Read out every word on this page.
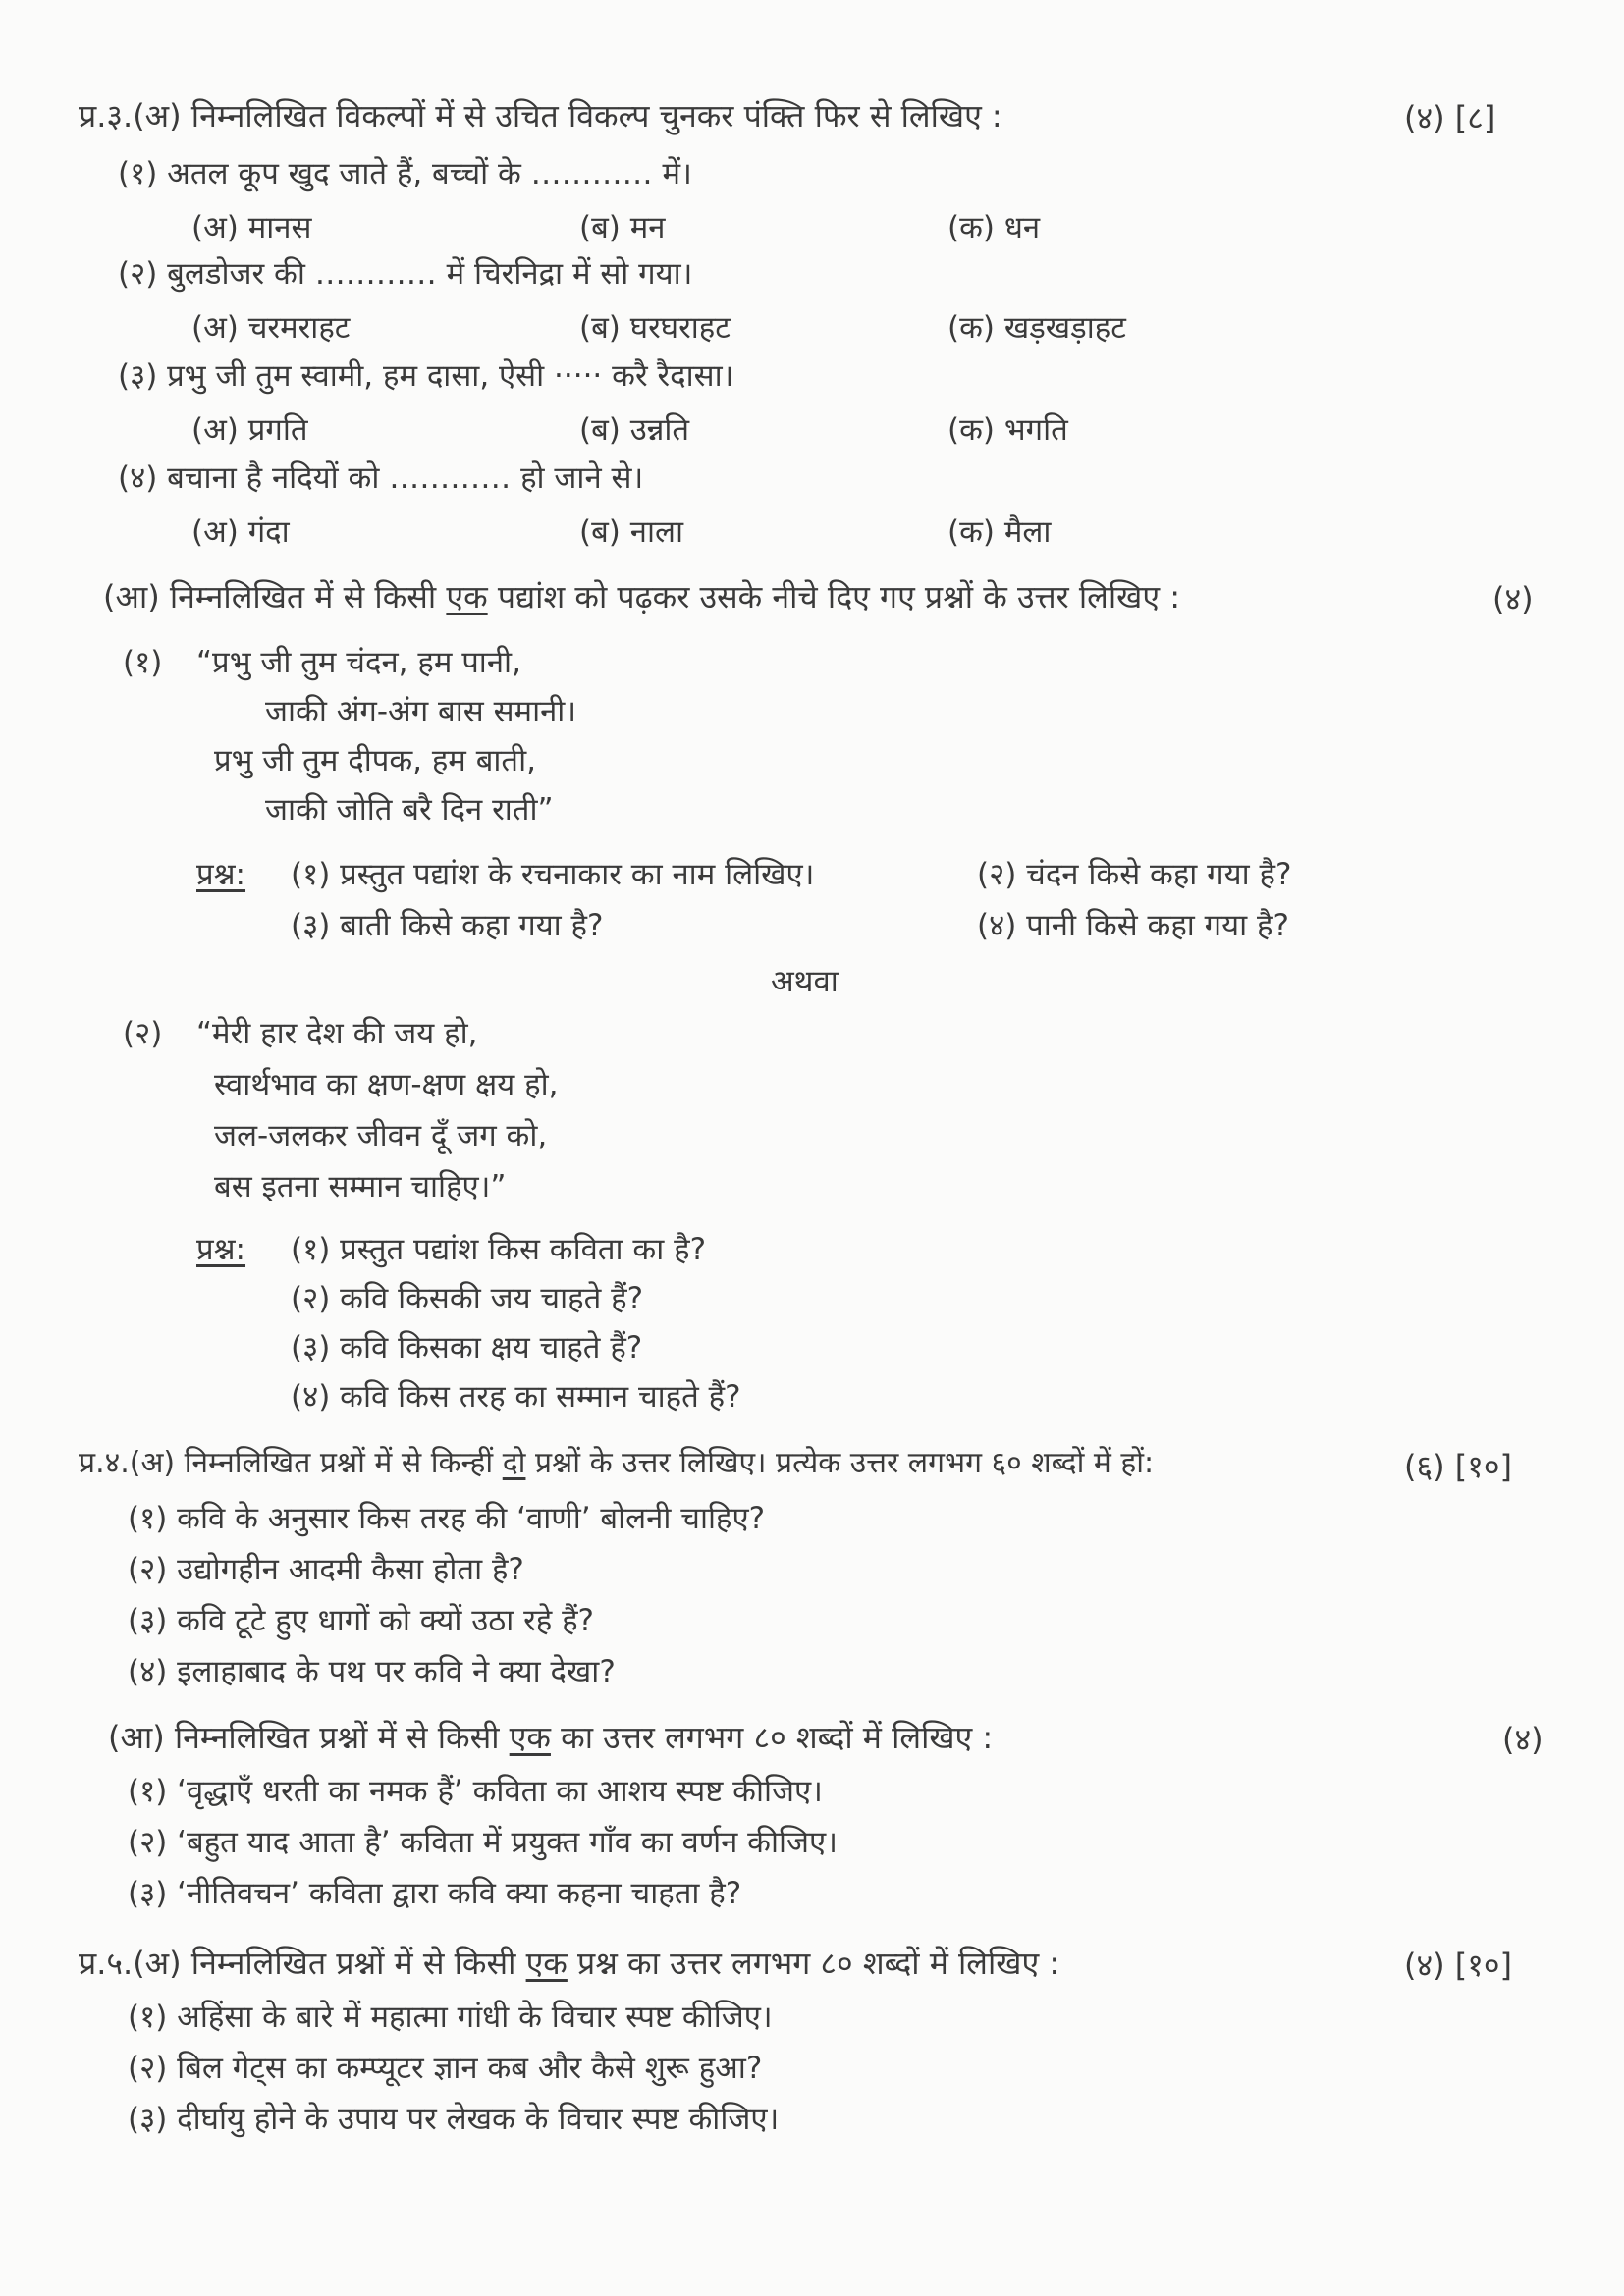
प्र.३.(अ) निम्नलिखित विकल्पों में से उचित विकल्प चुनकर पंक्ति फिर से लिखिए :	(४) [८]
(१) अतल कूप खुद जाते हैं, बच्चों के ………… में।
(अ) मानस	(ब) मन	(क) धन
(२) बुलडोजर की ………… में चिरनिद्रा में सो गया।
(अ) चरमराहट	(ब) घरघराहट	(क) खड़खड़ाहट
(३) प्रभु जी तुम स्वामी, हम दासा, ऐसी ····· करै रैदासा।
(अ) प्रगति	(ब) उन्नति	(क) भगति
(४) बचाना है नदियों को ………… हो जाने से।
(अ) गंदा	(ब) नाला	(क) मैला
(आ) निम्नलिखित में से किसी एक पद्यांश को पढ़कर उसके नीचे दिए गए प्रश्नों के उत्तर लिखिए :	(४)
(१) “प्रभु जी तुम चंदन, हम पानी,
जाकी अंग-अंग बास समानी।
प्रभु जी तुम दीपक, हम बाती,
जाकी जोति बरै दिन राती”
प्रश्न: (१) प्रस्तुत पद्यांश के रचनाकार का नाम लिखिए।	(२) चंदन किसे कहा गया है?
(३) बाती किसे कहा गया है?	(४) पानी किसे कहा गया है?
अथवा
(२) “मेरी हार देश की जय हो,
स्वार्थभाव का क्षण-क्षण क्षय हो,
जल-जलकर जीवन दूँ जग को,
बस इतना सम्मान चाहिए।”
प्रश्न: (१) प्रस्तुत पद्यांश किस कविता का है?
(२) कवि किसकी जय चाहते हैं?
(३) कवि किसका क्षय चाहते हैं?
(४) कवि किस तरह का सम्मान चाहते हैं?
प्र.४.(अ) निम्नलिखित प्रश्नों में से किन्हीं दो प्रश्नों के उत्तर लिखिए। प्रत्येक उत्तर लगभग ६० शब्दों में हों:	(६) [१०]
(१) कवि के अनुसार किस तरह की ‘वाणी’ बोलनी चाहिए?
(२) उद्योगहीन आदमी कैसा होता है?
(३) कवि टूटे हुए धागों को क्यों उठा रहे हैं?
(४) इलाहाबाद के पथ पर कवि ने क्या देखा?
(आ) निम्नलिखित प्रश्नों में से किसी एक का उत्तर लगभग ८० शब्दों में लिखिए :	(४)
(१) ‘वृद्धाएँ धरती का नमक हैं’ कविता का आशय स्पष्ट कीजिए।
(२) ‘बहुत याद आता है’ कविता में प्रयुक्त गाँव का वर्णन कीजिए।
(३) ‘नीतिवचन’ कविता द्वारा कवि क्या कहना चाहता है?
प्र.५.(अ) निम्नलिखित प्रश्नों में से किसी एक प्रश्न का उत्तर लगभग ८० शब्दों में लिखिए :	(४) [१०]
(१) अहिंसा के बारे में महात्मा गांधी के विचार स्पष्ट कीजिए।
(२) बिल गेट्स का कम्प्यूटर ज्ञान कब और कैसे शुरू हुआ?
(३) दीर्घायु होने के उपाय पर लेखक के विचार स्पष्ट कीजिए।
